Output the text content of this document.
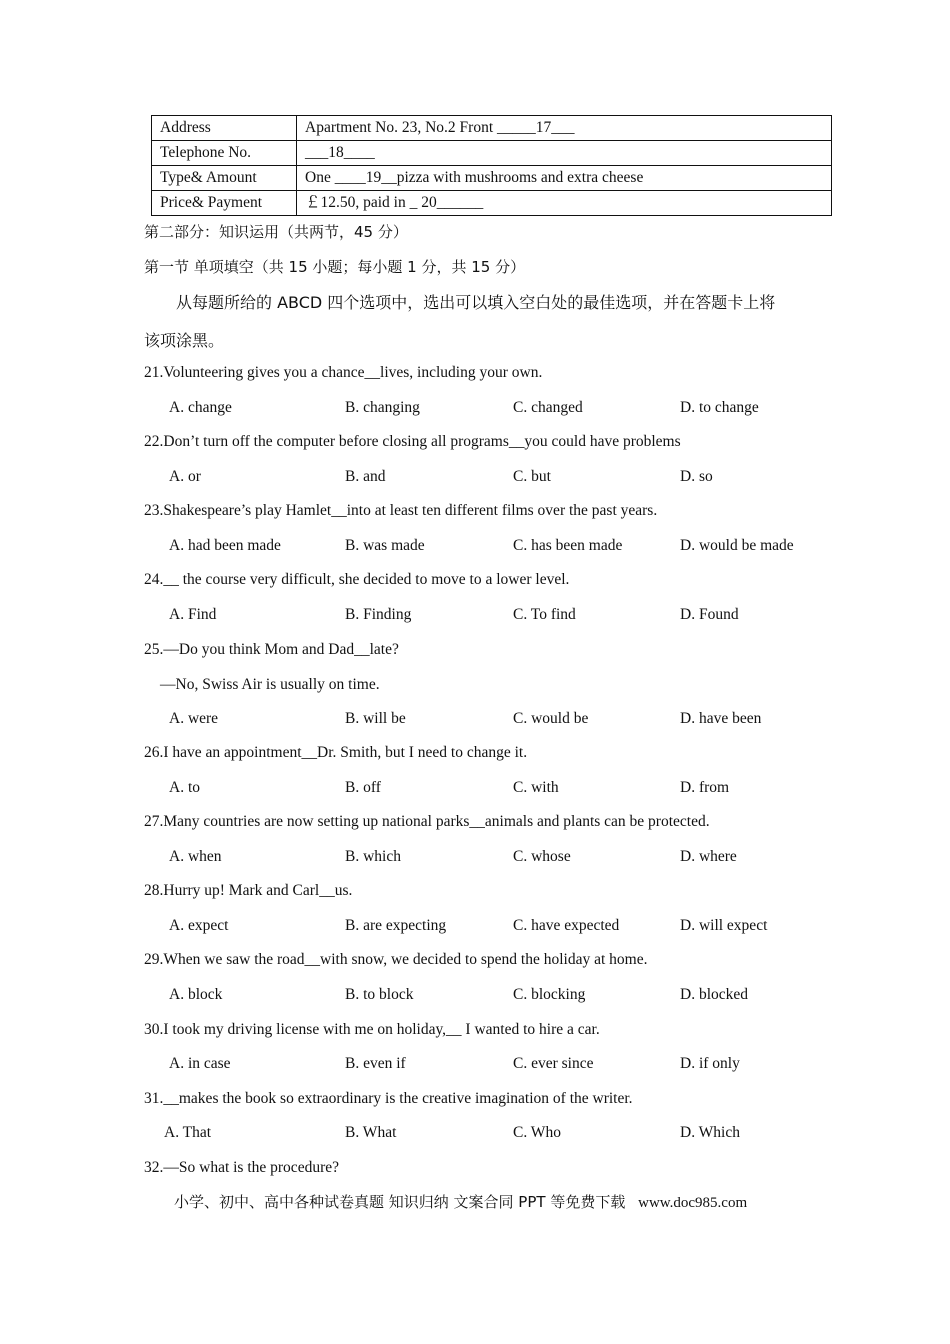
Address	Apartment No. 23, No.2 Front _____17___
Telephone No.	___18____
Type& Amount	One ____19__pizza with mushrooms and extra cheese
Price& Payment	￡12.50, paid in _ 20______
第二部分：知识运用（共两节，45 分）
第一节 单项填空（共 15 小题；每小题 1 分，共 15 分）
从每题所给的 ABCD 四个选项中，选出可以填入空白处的最佳选项，并在答题卡上将
该项涂黑。
21.Volunteering gives you a chance__lives, including your own.
A. change	B. changing	C. changed	D. to change
22.Don’t turn off the computer before closing all programs__you could have problems
A. or	B. and	C. but	D. so
23.Shakespeare’s play Hamlet__into at least ten different films over the past years.
A. had been made	B. was made	C. has been made	D. would be made
24.__ the course very difficult, she decided to move to a lower level.
A. Find	B. Finding	C. To find	D. Found
25.—Do you think Mom and Dad__late?
—No, Swiss Air is usually on time.
A. were	B. will be	C. would be	D. have been
26.I have an appointment__Dr. Smith, but I need to change it.
A. to	B. off	C. with	D. from
27.Many countries are now setting up national parks__animals and plants can be protected.
A. when	B. which	C. whose	D. where
28.Hurry up! Mark and Carl__us.
A. expect	B. are expecting	C. have expected	D. will expect
29.When we saw the road__with snow, we decided to spend the holiday at home.
A. block	B. to block	C. blocking	D. blocked
30.I took my driving license with me on holiday,__ I wanted to hire a car.
A. in case	B. even if	C. ever since	D. if only
31.__makes the book so extraordinary is the creative imagination of the writer.
A. That	B. What	C. Who	D. Which
32.—So what is the procedure?
小学、初中、高中各种试卷真题 知识归纳 文案合同 PPT 等免费下载 www.doc985.com
